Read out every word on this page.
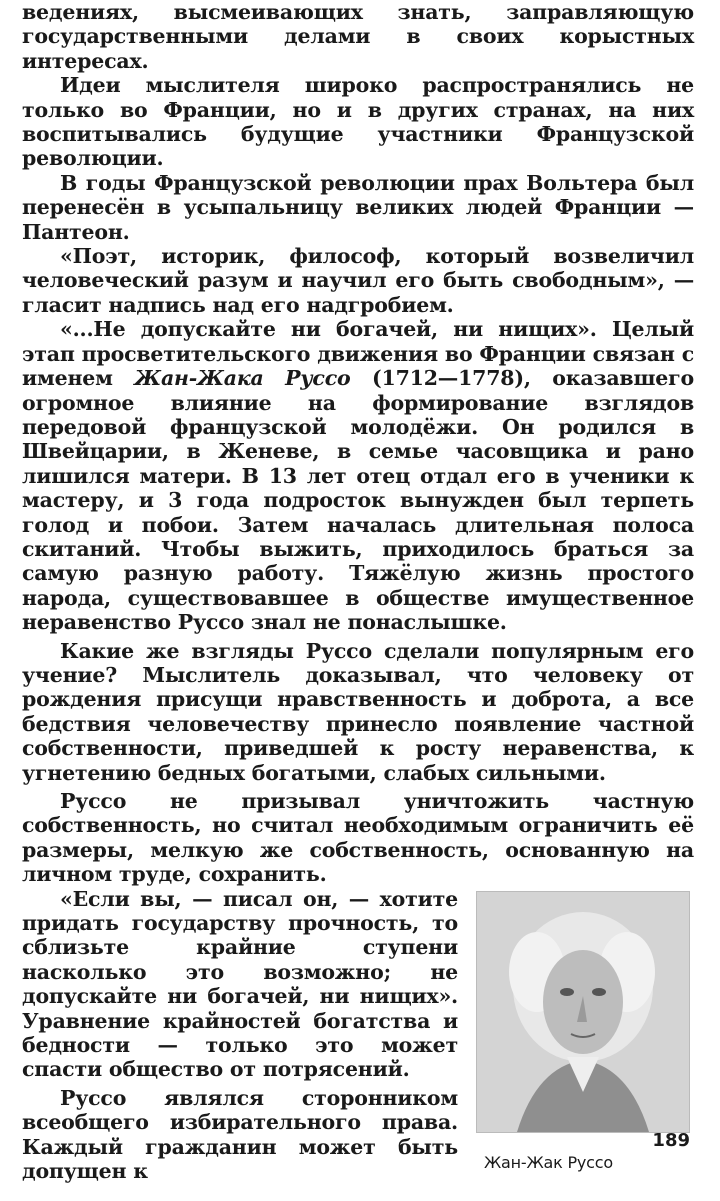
ведениях, высмеивающих знать, заправляющую государственными делами в своих корыстных интересах.

Идеи мыслителя широко распространялись не только во Франции, но и в других странах, на них воспитывались будущие участники Французской революции.

В годы Французской революции прах Вольтера был перенесён в усыпальницу великих людей Франции — Пантеон.

«Поэт, историк, философ, который возвеличил человеческий разум и научил его быть свободным», — гласит надпись над его надгробием.

«...Не допускайте ни богачей, ни нищих». Целый этап просветительского движения во Франции связан с именем Жан-Жака Руссо (1712—1778), оказавшего огромное влияние на формирование взглядов передовой французской молодёжи. Он родился в Швейцарии, в Женеве, в семье часовщика и рано лишился матери. В 13 лет отец отдал его в ученики к мастеру, и 3 года подросток вынужден был терпеть голод и побои. Затем началась длительная полоса скитаний. Чтобы выжить, приходилось браться за самую разную работу. Тяжёлую жизнь простого народа, существовавшее в обществе имущественное неравенство Руссо знал не понаслышке.

Какие же взгляды Руссо сделали популярным его учение? Мыслитель доказывал, что человеку от рождения присущи нравственность и доброта, а все бедствия человечеству принесло появление частной собственности, приведшей к росту неравенства, к угнетению бедных богатыми, слабых сильными.

Руссо не призывал уничтожить частную собственность, но считал необходимым ограничить её размеры, мелкую же собственность, основанную на личном труде, сохранить.

Жан-Жак Руссо

«Если вы, — писал он, — хотите придать государству прочность, то сблизьте крайние ступени насколько это возможно; не допускайте ни богачей, ни нищих». Уравнение крайностей богатства и бедности — только это может спасти общество от потрясений.

Руссо являлся сторонником всеобщего избирательного права. Каждый гражданин может быть допущен к

189
